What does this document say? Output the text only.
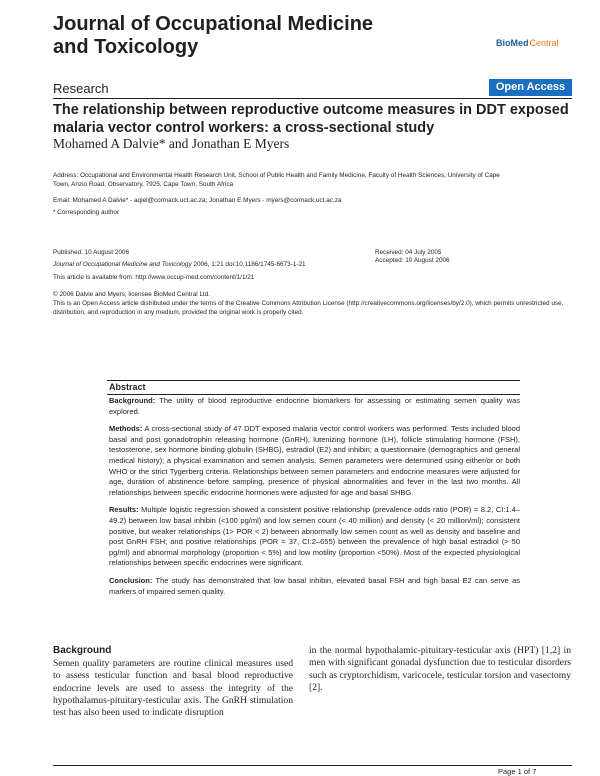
Journal of Occupational Medicine
and Toxicology	BioMedCentral
Research	Open Access
The relationship between reproductive outcome measures in DDT exposed malaria vector control workers: a cross-sectional study
Mohamed A Dalvie* and Jonathan E Myers
Address: Occupational and Environmental Health Research Unit, School of Public Health and Family Medicine, Faculty of Health Sciences, University of Cape Town, Anzio Road, Observatory, 7925, Cape Town, South Africa
Email: Mohamed A Dalvie* - aqiel@cormack.uct.ac.za; Jonathan E Myers - myers@cormack.uct.ac.za
* Corresponding author
Published: 10 August 2006
Journal of Occupational Medicine and Toxicology 2006, 1:21 doi:10.1186/1745-6673-1-21
This article is available from: http://www.occup-med.com/content/1/1/21
Received: 04 July 2005
Accepted: 10 August 2006
© 2006 Dalvie and Myers; licensee BioMed Central Ltd.
This is an Open Access article distributed under the terms of the Creative Commons Attribution License (http://creativecommons.org/licenses/by/2.0), which permits unrestricted use, distribution, and reproduction in any medium, provided the original work is properly cited.
Abstract

Background: The utility of blood reproductive endocrine biomarkers for assessing or estimating semen quality was explored.

Methods: A cross-sectional study of 47 DDT exposed malaria vector control workers was performed. Tests included blood basal and post gonadotrophin releasing hormone (GnRH), lutenizing hormone (LH), follicle stimulating hormone (FSH), testosterone, sex hormone binding globulin (SHBG), estradiol (E2) and inhibin; a questionnaire (demographics and general medical history); a physical examination and semen analysis. Semen parameters were determined using either/or or both WHO or the strict Tygerberg criteria. Relationships between semen parameters and endocrine measures were adjusted for age, duration of abstinence before sampling, presence of physical abnormalities and fever in the last two months. All relationships between specific endocrine hormones were adjusted for age and basal SHBG.

Results: Multiple logistic regression showed a consistent positive relationship (prevalence odds ratio (POR) = 8.2, CI:1.4–49.2) between low basal inhibin (<100 pg/ml) and low semen count (< 40 million) and density (< 20 million/ml); consistent positive, but weaker relationships (1> POR < 2) between abnormally low semen count as well as density and baseline and post GnRH FSH; and positive relationships (POR = 37, CI:2–655) between the prevalence of high basal estradiol (> 50 pg/ml) and abnormal morphology (proportion < 5%) and low motility (proportion <50%). Most of the expected physiological relationships between specific endocrines were significant.

Conclusion: The study has demonstrated that low basal inhibin, elevated basal FSH and high basal E2 can serve as markers of impaired semen quality.

Background
Semen quality parameters are routine clinical measures used to assess testicular function and basal blood reproductive endocrine levels are used to assess the integrity of the hypothalamus-pituitary-testicular axis. The GnRH stimulation test has also been used to indicate disruption
in the normal hypothalamic-pituitary-testicular axis (HPT) [1,2] in men with significant gonadal dysfunction due to testicular disorders such as cryptorchidism, varicocele, testicular torsion and vasectomy [2].
Page 1 of 7
